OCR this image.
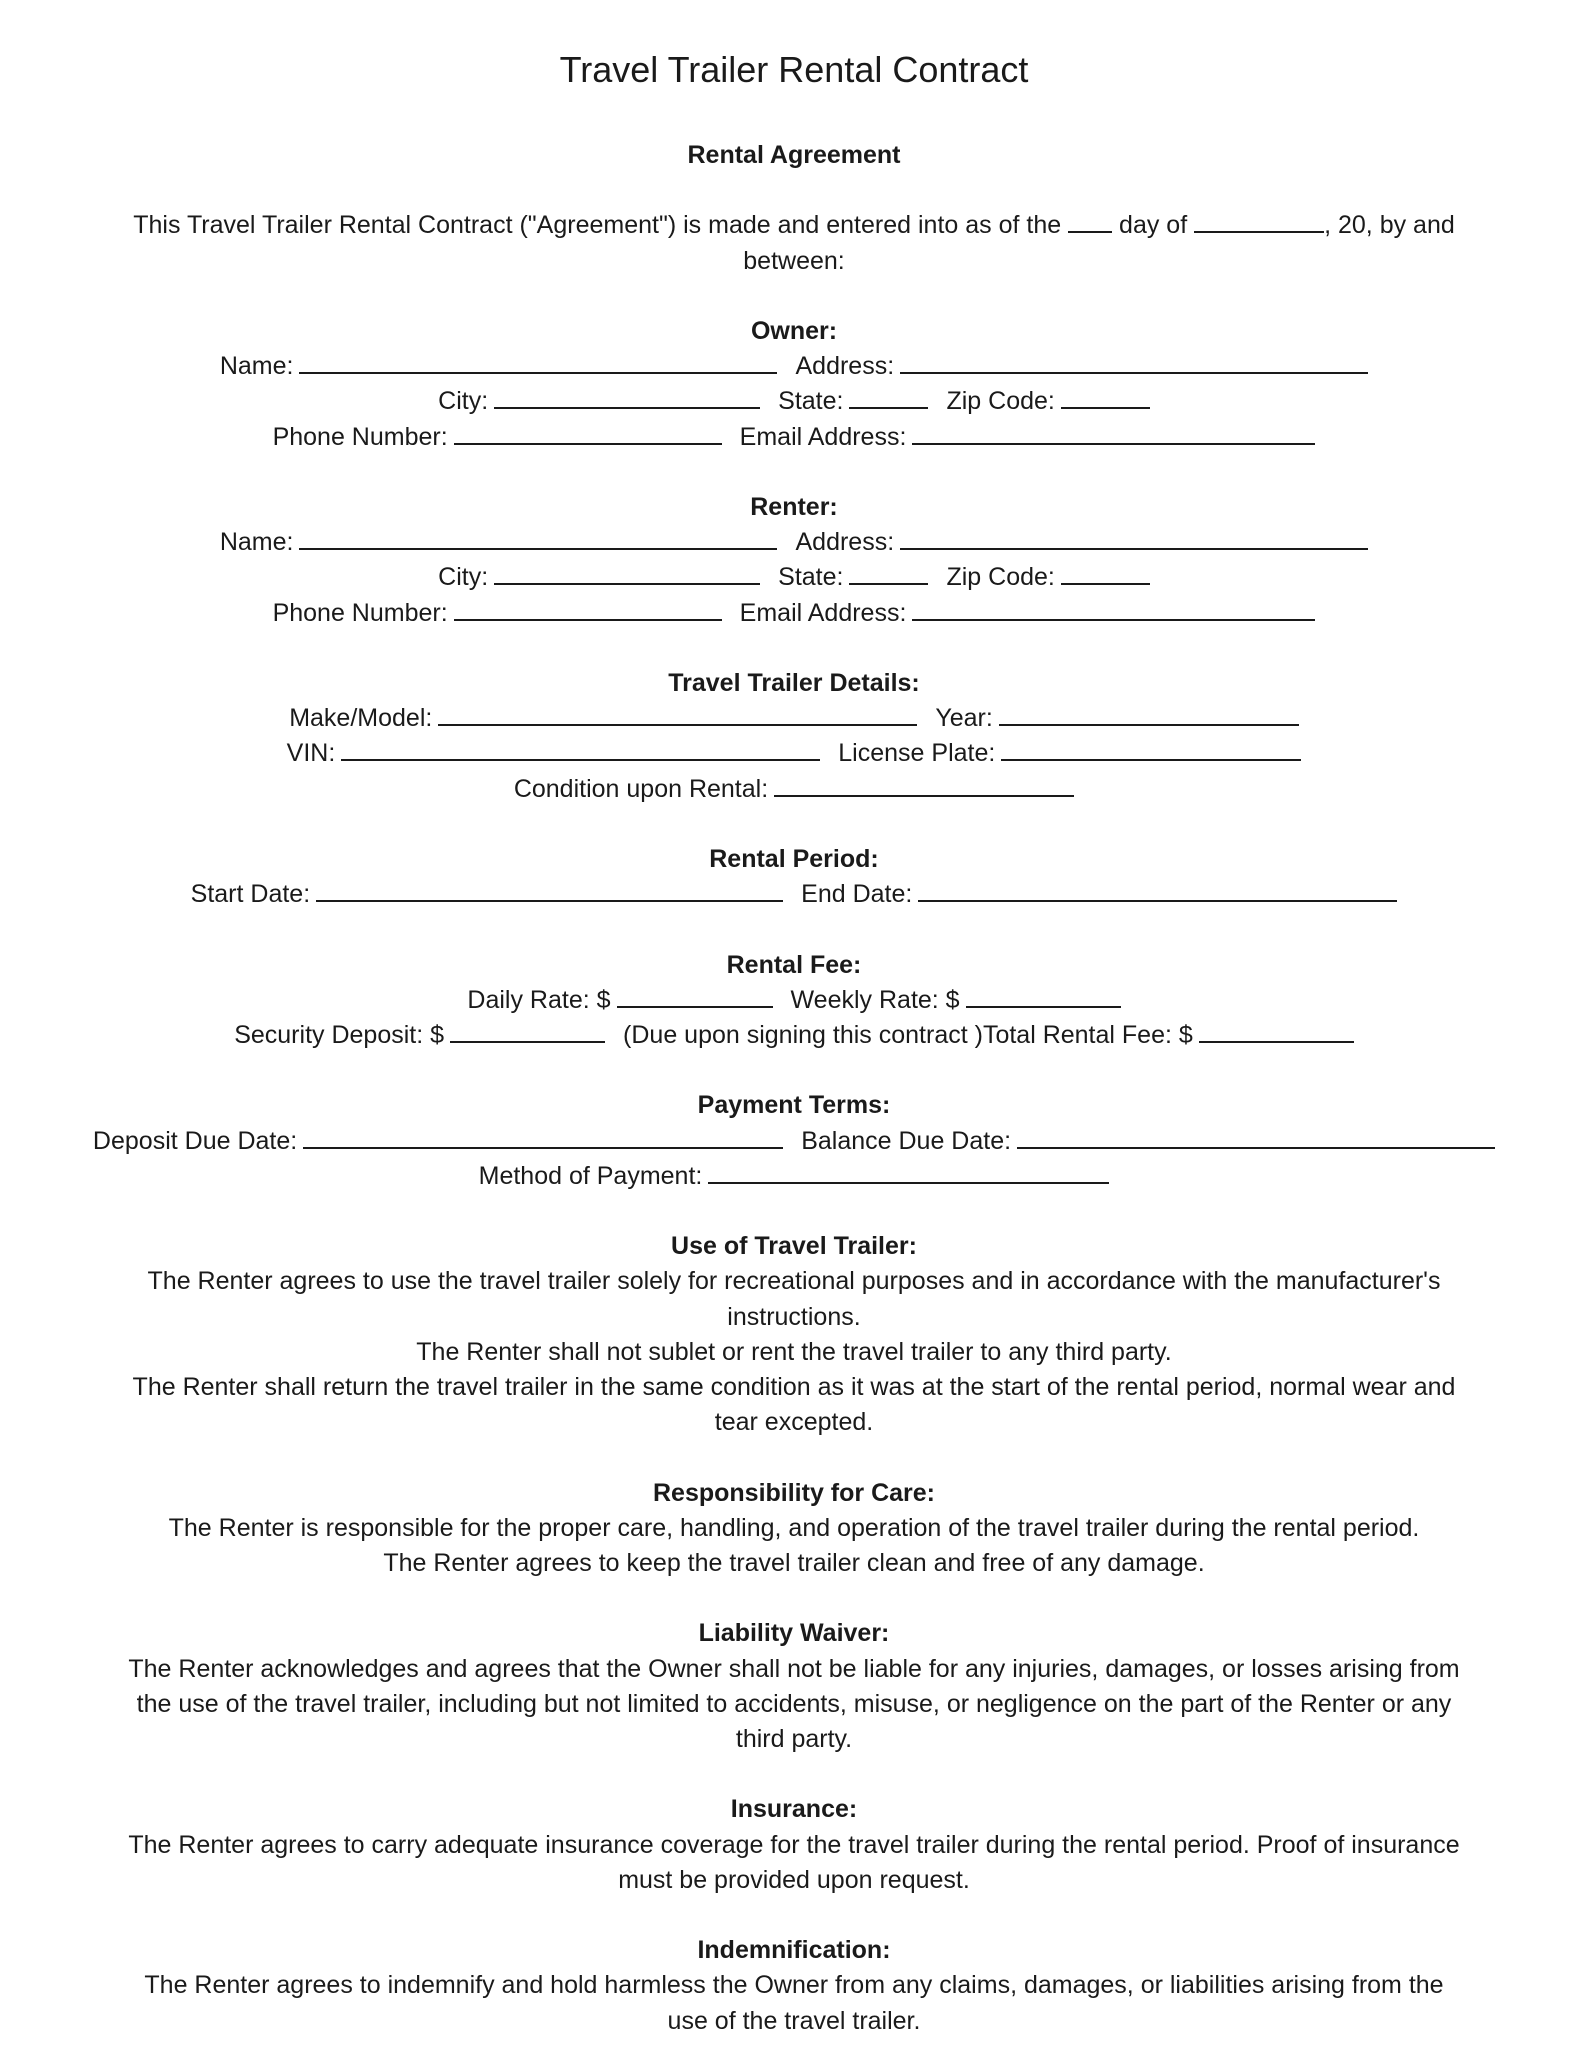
Travel Trailer Rental Contract
Rental Agreement
This Travel Trailer Rental Contract ("Agreement") is made and entered into as of the day of	, 20, by and
between:
Owner:
Name:	Address:
City:	State:	Zip Code:
Phone Number:	Email Address:
Renter:
Name:	Address:
City:	State:	Zip Code:
Phone Number:	Email Address:
Travel Trailer Details:
Make/Model:	Year:
VIN:	License Plate:
Condition upon Rental:
Rental Period:
Start Date:	End Date:
Rental Fee:
Daily Rate: $	Weekly Rate: $
Security Deposit: $	(Due upon signing this contract )Total Rental Fee: $
Payment Terms:
Deposit Due Date:	Balance Due Date:
Method of Payment:
Use of Travel Trailer:
The Renter agrees to use the travel trailer solely for recreational purposes and in accordance with the manufacturer's
instructions.
The Renter shall not sublet or rent the travel trailer to any third party.
The Renter shall return the travel trailer in the same condition as it was at the start of the rental period, normal wear and
tear excepted.
Responsibility for Care:
The Renter is responsible for the proper care, handling, and operation of the travel trailer during the rental period.
The Renter agrees to keep the travel trailer clean and free of any damage.
Liability Waiver:
The Renter acknowledges and agrees that the Owner shall not be liable for any injuries, damages, or losses arising from
the use of the travel trailer, including but not limited to accidents, misuse, or negligence on the part of the Renter or any
third party.
Insurance:
The Renter agrees to carry adequate insurance coverage for the travel trailer during the rental period. Proof of insurance
must be provided upon request.
Indemnification:
The Renter agrees to indemnify and hold harmless the Owner from any claims, damages, or liabilities arising from the
use of the travel trailer.
